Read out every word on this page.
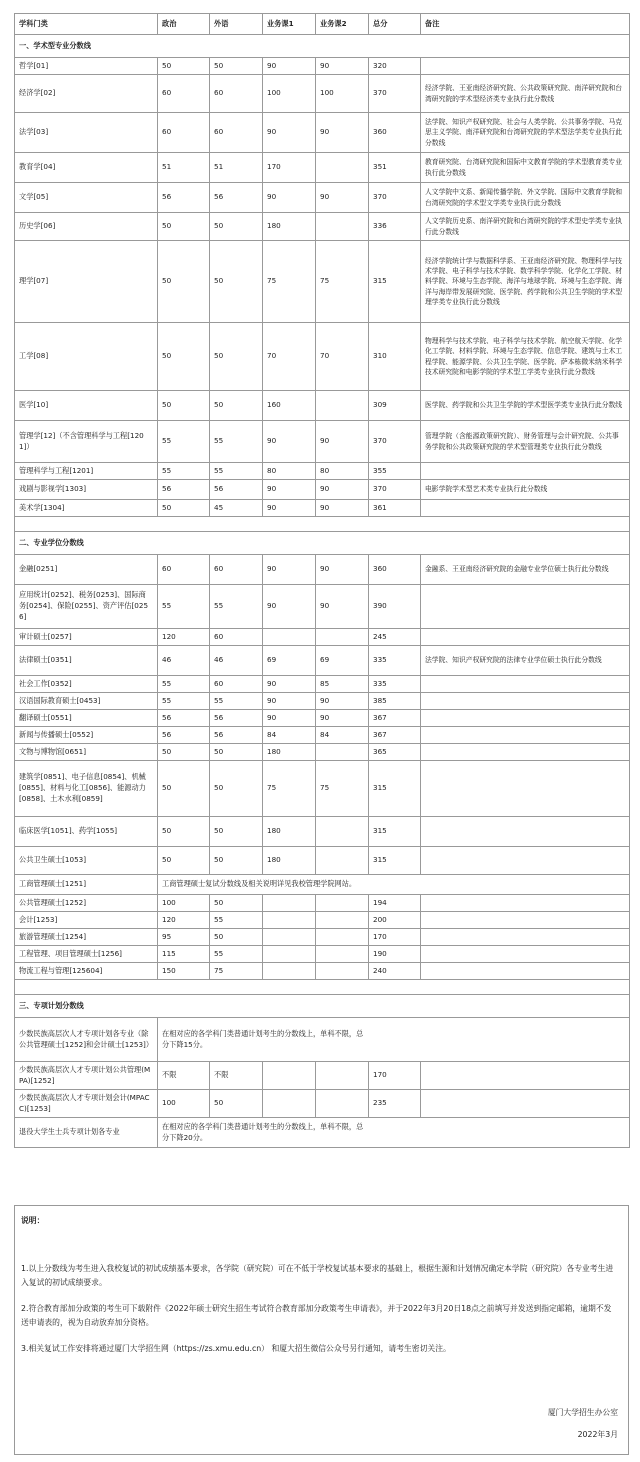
学科门类	政治	外语	业务课1	业务课2	总分	备注
一、学术型专业分数线						
哲学[01]	50	50	90	90	320	
经济学[02]	60	60	100	100	370	经济学院、王亚南经济研究院、公共政策研究院、南洋研究院和台湾研究院的学术型经济类专业执行此分数线
法学[03]	60	60	90	90	360	法学院、知识产权研究院、社会与人类学院、公共事务学院、马克思主义学院、南洋研究院和台湾研究院的学术型法学类专业执行此分数线
教育学[04]	51	51	170		351	教育研究院、台湾研究院和国际中文教育学院的学术型教育类专业执行此分数线
文学[05]	56	56	90	90	370	人文学院中文系、新闻传播学院、外文学院、国际中文教育学院和台湾研究院的学术型文学类专业执行此分数线
历史学[06]	50	50	180		336	人文学院历史系、南洋研究院和台湾研究院的学术型史学类专业执行此分数线
理学[07]	50	50	75	75	315	经济学院统计学与数据科学系、王亚南经济研究院、物理科学与技术学院、电子科学与技术学院、数学科学学院、化学化工学院、材料学院、环境与生态学院、海洋与地球学院、环境与生态学院、海洋与海岸带发展研究院、医学院、药学院和公共卫生学院的学术型理学类专业执行此分数线
工学[08]	50	50	70	70	310	物理科学与技术学院、电子科学与技术学院、航空航天学院、化学化工学院、材料学院、环境与生态学院、信息学院、建筑与土木工程学院、能源学院、公共卫生学院、医学院、萨本栋微米纳米科学技术研究院和电影学院的学术型工学类专业执行此分数线
医学[10]	50	50	160		309	医学院、药学院和公共卫生学院的学术型医学类专业执行此分数线
管理学[12]（不含管理科学与工程[1201]）	55	55	90	90	370	管理学院（含能源政策研究院）、财务管理与会计研究院、公共事务学院和公共政策研究院的学术型管理类专业执行此分数线
管理科学与工程[1201]	55	55	80	80	355	
戏剧与影视学[1303]	56	56	90	90	370	电影学院学术型艺术类专业执行此分数线
美术学[1304]	50	45	90	90	361	

二、专业学位分数线						
金融[0251]	60	60	90	90	360	金融系、王亚南经济研究院的金融专业学位硕士执行此分数线
应用统计[0252]、税务[0253]、国际商务[0254]、保险[0255]、资产评估[0256]	55	55	90	90	390	
审计硕士[0257]	120	60			245	
法律硕士[0351]	46	46	69	69	335	法学院、知识产权研究院的法律专业学位硕士执行此分数线
社会工作[0352]	55	60	90	85	335	
汉语国际教育硕士[0453]	55	55	90	90	385	
翻译硕士[0551]	56	56	90	90	367	
新闻与传播硕士[0552]	56	56	84	84	367	
文物与博物馆[0651]	50	50	180		365	
建筑学[0851]、电子信息[0854]、机械[0855]、材料与化工[0856]、能源动力[0858]、土木水利[0859]	50	50	75	75	315	
临床医学[1051]、药学[1055]	50	50	180		315	
公共卫生硕士[1053]	50	50	180		315	
工商管理硕士[1251]	工商管理硕士复试分数线及相关说明详见我校管理学院网站。					
公共管理硕士[1252]	100	50			194	
会计[1253]	120	55			200	
旅游管理硕士[1254]	95	50			170	
工程管理、项目管理硕士[1256]	115	55			190	
物流工程与管理[125604]	150	75			240	

三、专项计划分数线						
少数民族高层次人才专项计划各专业（除公共管理硕士[1252]和会计硕士[1253]）	在相对应的各学科门类普通计划考生的分数线上，单科不限，总分下降15分。					
少数民族高层次人才专项计划公共管理(MPA)[1252]	不限	不限			170	
少数民族高层次人才专项计划会计(MPACC)[1253]	100	50			235	
退役大学生士兵专项计划各专业	在相对应的各学科门类普通计划考生的分数线上，单科不限，总分下降20分。					
说明：
1.以上分数线为考生进入我校复试的初试成绩基本要求，各学院（研究院）可在不低于学校复试基本要求的基础上，根据生源和计划情况确定本学院（研究院）各专业考生进入复试的初试成绩要求。
2.符合教育部加分政策的考生可下载附件《2022年硕士研究生招生考试符合教育部加分政策考生申请表》，并于2022年3月20日18点之前填写并发送到指定邮箱，逾期不发送申请表的，视为自动放弃加分资格。
3.相关复试工作安排将通过厦门大学招生网（https://zs.xmu.edu.cn） 和厦大招生微信公众号另行通知，请考生密切关注。
厦门大学招生办公室
2022年3月
